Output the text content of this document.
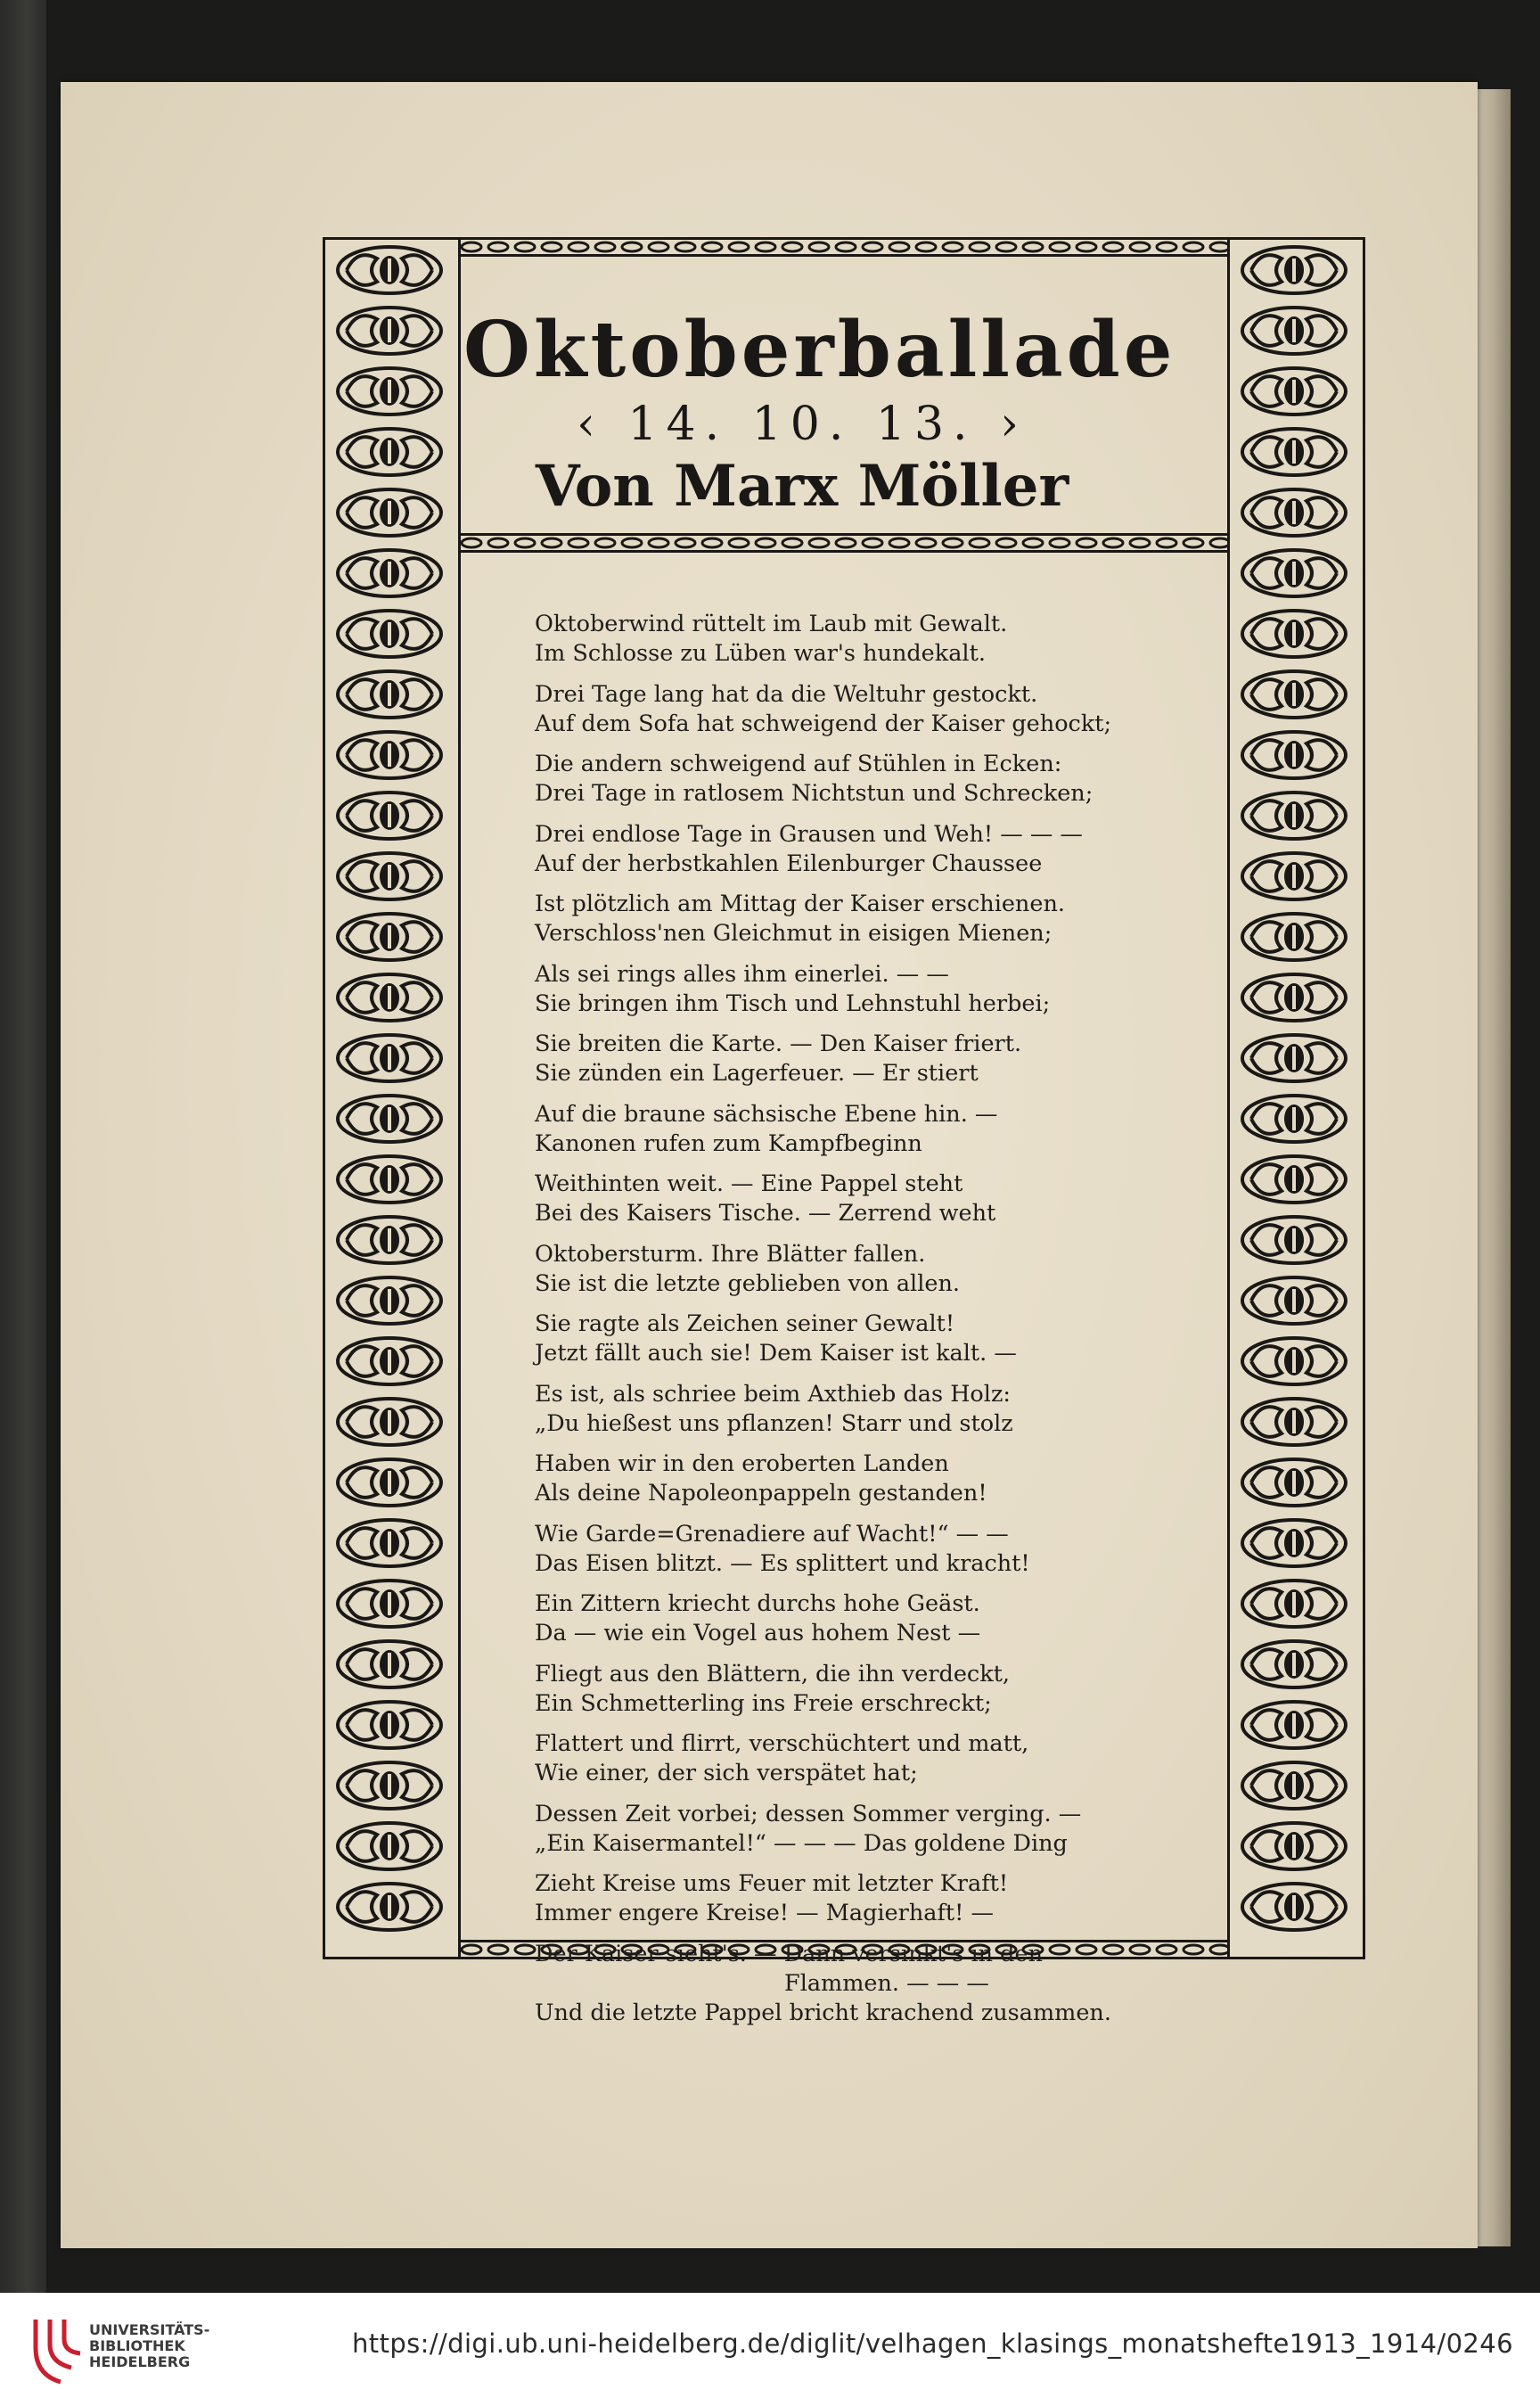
Oktoberballade
‹ 14. 10. 13. ›
Von Marx Möller
Oktoberwind rüttelt im Laub mit Gewalt.
Im Schlosse zu Lüben war's hundekalt.
Drei Tage lang hat da die Weltuhr gestockt.
Auf dem Sofa hat schweigend der Kaiser gehockt;
Die andern schweigend auf Stühlen in Ecken:
Drei Tage in ratlosem Nichtstun und Schrecken;
Drei endlose Tage in Grausen und Weh! — — —
Auf der herbstkahlen Eilenburger Chaussee
Ist plötzlich am Mittag der Kaiser erschienen.
Verschloss'nen Gleichmut in eisigen Mienen;
Als sei rings alles ihm einerlei. — —
Sie bringen ihm Tisch und Lehnstuhl herbei;
Sie breiten die Karte. — Den Kaiser friert.
Sie zünden ein Lagerfeuer. — Er stiert
Auf die braune sächsische Ebene hin. —
Kanonen rufen zum Kampfbeginn
Weithinten weit. — Eine Pappel steht
Bei des Kaisers Tische. — Zerrend weht
Oktobersturm. Ihre Blätter fallen.
Sie ist die letzte geblieben von allen.
Sie ragte als Zeichen seiner Gewalt!
Jetzt fällt auch sie! Dem Kaiser ist kalt. —
Es ist, als schriee beim Axthieb das Holz:
„Du hießest uns pflanzen! Starr und stolz
Haben wir in den eroberten Landen
Als deine Napoleonpappeln gestanden!
Wie Garde=Grenadiere auf Wacht!“ — —
Das Eisen blitzt. — Es splittert und kracht!
Ein Zittern kriecht durchs hohe Geäst.
Da — wie ein Vogel aus hohem Nest —
Fliegt aus den Blättern, die ihn verdeckt,
Ein Schmetterling ins Freie erschreckt;
Flattert und flirrt, verschüchtert und matt,
Wie einer, der sich verspätet hat;
Dessen Zeit vorbei; dessen Sommer verging. —
„Ein Kaisermantel!“ — — — Das goldene Ding
Zieht Kreise ums Feuer mit letzter Kraft!
Immer engere Kreise! — Magierhaft! —
Der Kaiser sieht's. — Dann versinkt's in den
Flammen. — — —
Und die letzte Pappel bricht krachend zusammen.
UNIVERSITÄTS-
BIBLIOTHEK
HEIDELBERG
https://digi.ub.uni-heidelberg.de/diglit/velhagen_klasings_monatshefte1913_1914/0246
